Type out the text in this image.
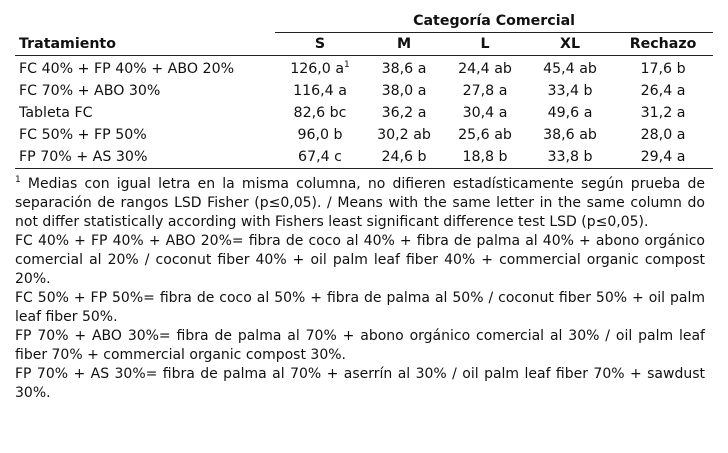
	Categoría Comercial				
Tratamiento	S	M	L	XL	Rechazo
FC 40% + FP 40% + ABO 20%	126,0 $a^1$	38,6 a	24,4 ab	45,4 ab	17,6 b
FC 70% + ABO 30%	116,4 a	38,0 a	27,8 a	33,4 b	26,4 a
Tableta FC	82,6 bc	36,2 a	30,4 a	49,6 a	31,2 a
FC 50% + FP 50%	96,0 b	30,2 ab	25,6 ab	38,6 ab	28,0 a
FP 70% + AS 30%	67,4 c	24,6 b	18,8 b	33,8 b	29,4 a

$^1$ Medias con igual letra en la misma columna, no difieren estadísticamente según prueba de separación de rangos LSD Fisher (p≤0,05). / Means with the same letter in the same column do not differ statistically according with Fishers least significant difference test LSD (p≤0,05).

FC 40% + FP 40% + ABO 20%= fibra de coco al 40% + fibra de palma al 40% + abono orgánico comercial al 20% / coconut fiber 40% + oil palm leaf fiber 40% + commercial organic compost 20%.

FC 50% + FP 50%= fibra de coco al 50% + fibra de palma al 50% / coconut fiber 50% + oil palm leaf fiber 50%.

FP 70% + ABO 30%= fibra de palma al 70% + abono orgánico comercial al 30% / oil palm leaf fiber 70% + commercial organic compost 30%.

FP 70% + AS 30%= fibra de palma al 70% + aserrín al 30% / oil palm leaf fiber 70% + sawdust 30%.
